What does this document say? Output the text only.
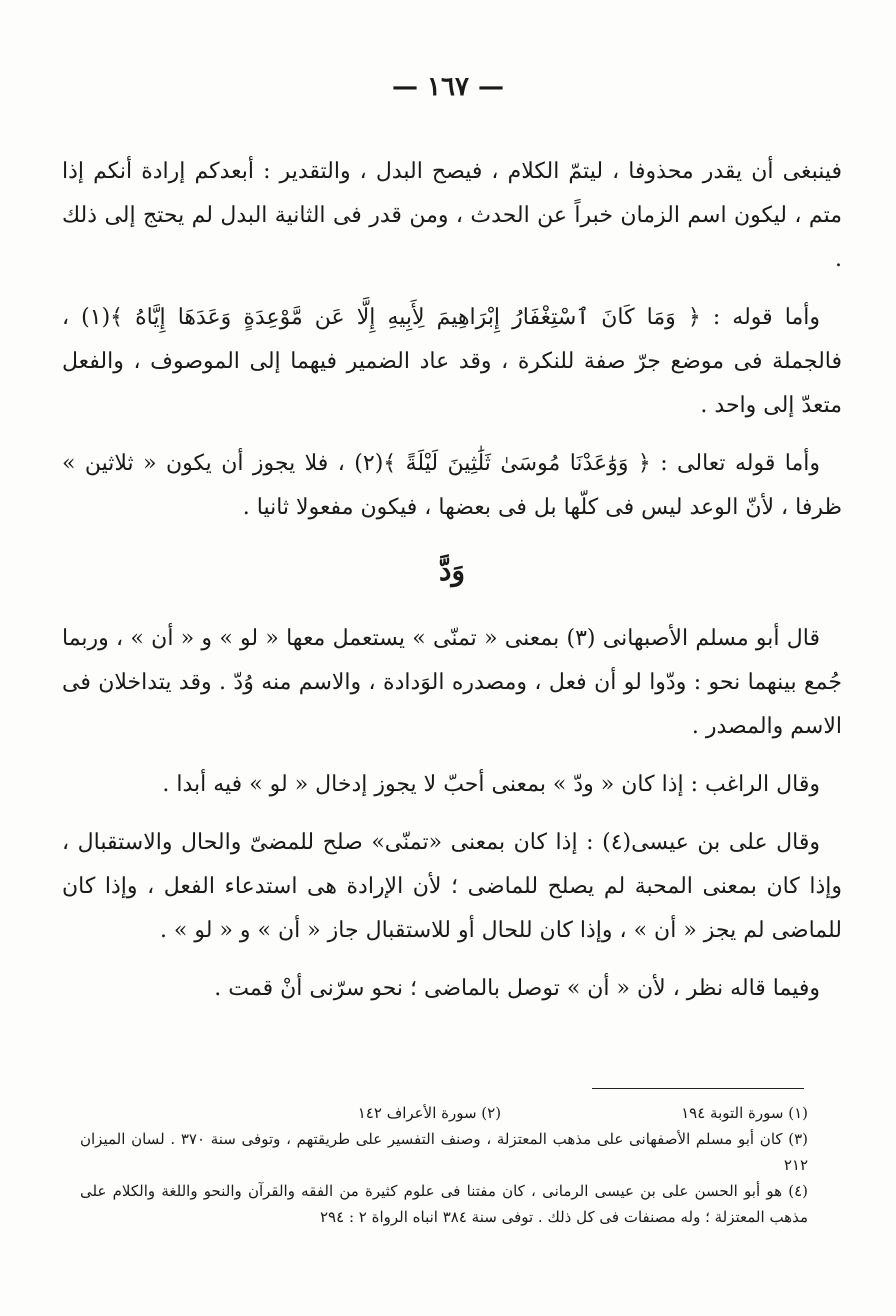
— ١٦٧ —

فينبغى أن يقدر محذوفا ، ليتمّ الكلام ، فيصح البدل ، والتقدير : أبعدكم إرادة أنكم إذا متم ، ليكون اسم الزمان خبراً عن الحدث ، ومن قدر فى الثانية البدل لم يحتج إلى ذلك .

وأما قوله : ﴿ وَمَا كَانَ ٱسْتِغْفَارُ إِبْرَاهِيمَ لِأَبِيهِ إِلَّا عَن مَّوْعِدَةٍ وَعَدَهَا إِيَّاهُ ﴾(١) ، فالجملة فى موضع جرّ صفة للنكرة ، وقد عاد الضمير فيهما إلى الموصوف ، والفعل متعدّ إلى واحد .

وأما قوله تعالى : ﴿ وَوَٰعَدْنَا مُوسَىٰ ثَلَٰثِينَ لَيْلَةً ﴾(٢) ، فلا يجوز أن يكون « ثلاثين » ظرفا ، لأنّ الوعد ليس فى كلّها بل فى بعضها ، فيكون مفعولا ثانيا .

وَدَّ

قال أبو مسلم الأصبهانى (٣) بمعنى « تمنّى » يستعمل معها « لو » و « أن » ، وربما جُمع بينهما نحو : ودّوا لو أن فعل ، ومصدره الوَدادة ، والاسم منه وُدّ . وقد يتداخلان فى الاسم والمصدر .

وقال الراغب : إذا كان « ودّ » بمعنى أحبّ لا يجوز إدخال « لو » فيه أبدا .

وقال على بن عيسى(٤) : إذا كان بمعنى «تمنّى» صلح للمضىّ والحال والاستقبال ، وإذا كان بمعنى المحبة لم يصلح للماضى ؛ لأن الإرادة هى استدعاء الفعل ، وإذا كان للماضى لم يجز « أن » ، وإذا كان للحال أو للاستقبال جاز « أن » و « لو » .

وفيما قاله نظر ، لأن « أن » توصل بالماضى ؛ نحو سرّنى أنْ قمت .

(١) سورة التوبة ١٩٤

(٢) سورة الأعراف ١٤٢

(٣) كان أبو مسلم الأصفهانى على مذهب المعتزلة ، وصنف التفسير على طريقتهم ، وتوفى سنة ٣٧٠ . لسان الميزان ٢١٢

(٤) هو أبو الحسن على بن عيسى الرمانى ، كان مفتنا فى علوم كثيرة من الفقه والقرآن والنحو واللغة والكلام على مذهب المعتزلة ؛ وله مصنفات فى كل ذلك . توفى سنة ٣٨٤ انباه الرواة ٢ : ٢٩٤
